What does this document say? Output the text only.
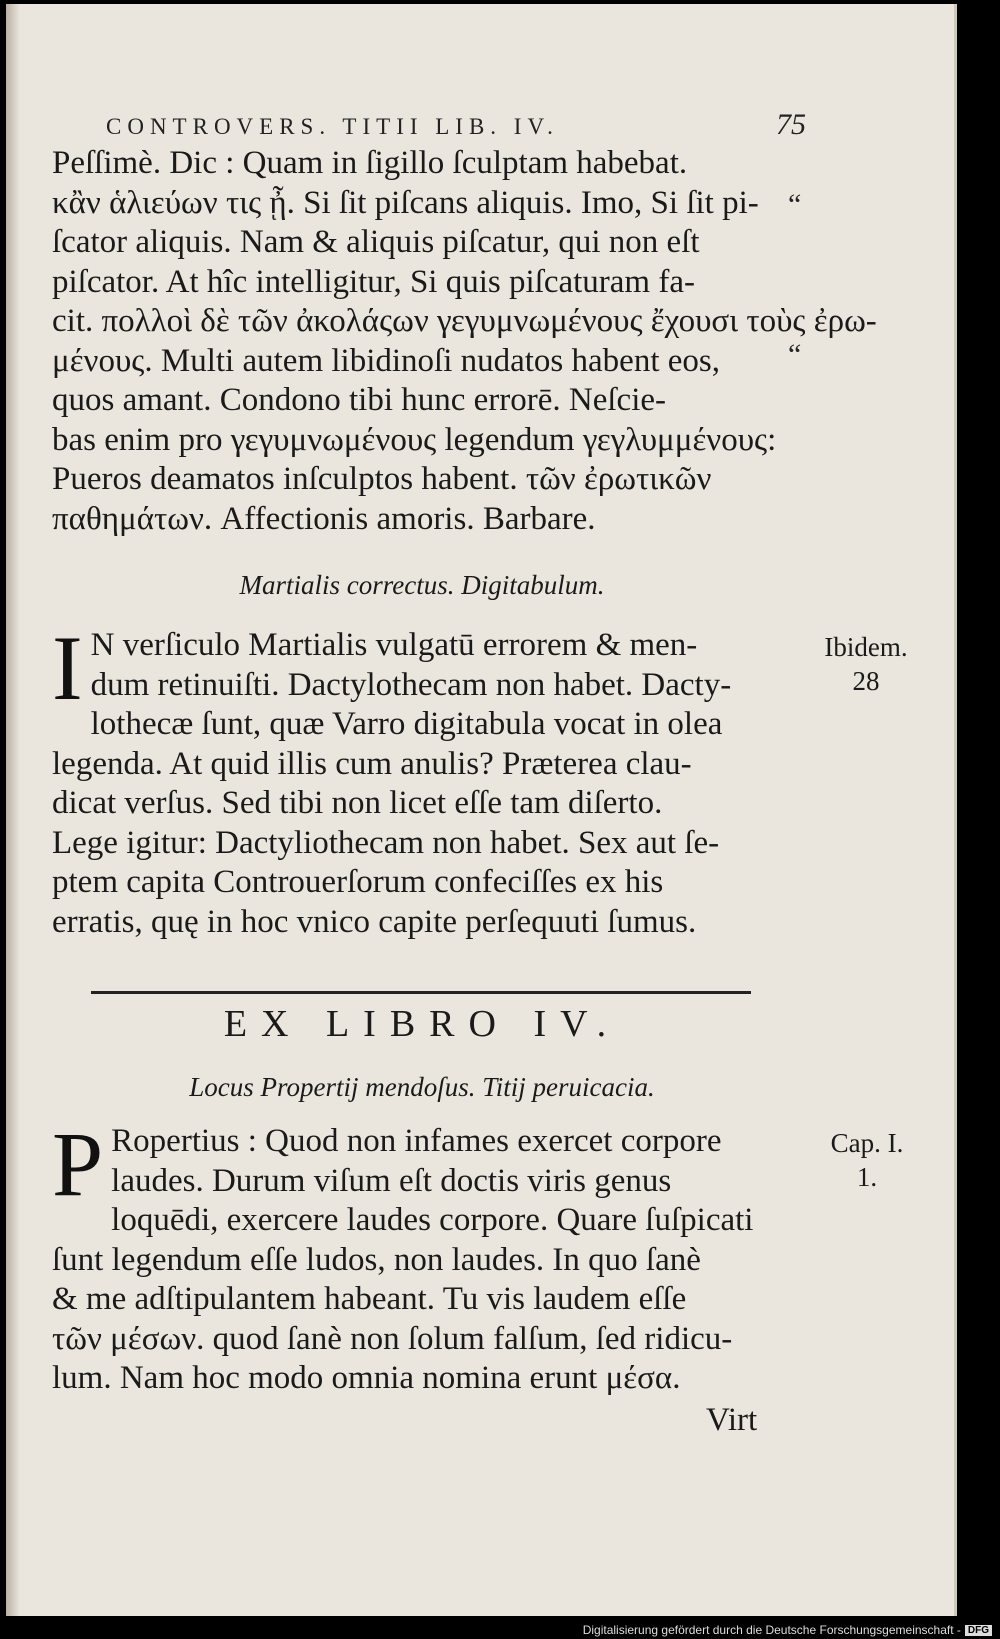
CONTROVERS. TITII LIB. IV.	75
“
“
Peſſimè. Dic : Quam in ſigillo ſculptam habebat.
κἂν ἁλιεύων τις ᾖ. Si ſit piſcans aliquis. Imo, Si ſit pi-
ſcator aliquis. Nam & aliquis piſcatur, qui non eſt
piſcator. At hîc intelligitur, Si quis piſcaturam fa-
cit. πολλοὶ δὲ τῶν ἀκολάςων γεγυμνωμένους ἔχουσι τοὺς ἐρω-
μένους. Multi autem libidinoſi nudatos habent eos,
quos amant. Condono tibi hunc errorē. Neſcie-
bas enim pro γεγυμνωμένους legendum γεγλυμμένους:
Pueros deamatos inſculptos habent. τῶν ἐρωτικῶν
παθημάτων. Affectionis amoris. Barbare.
Martialis correctus. Digitabulum.
I N verſiculo Martialis vulgatū errorem & men-
dum retinuiſti. Dactylothecam non habet. Dacty-
lothecæ ſunt, quæ Varro digitabula vocat in olea
legenda. At quid illis cum anulis? Præterea clau-
dicat verſus. Sed tibi non licet eſſe tam diſerto.
Lege igitur: Dactyliothecam non habet. Sex aut ſe-
ptem capita Controuerſorum confeciſſes ex his
erratis, quę in hoc vnico capite perſequuti ſumus.
Ibidem.
28
EX LIBRO IV.
Locus Propertij mendoſus. Titij peruicacia.
P Ropertius : Quod non infames exercet corpore
laudes. Durum viſum eſt doctis viris genus
loquēdi, exercere laudes corpore. Quare ſuſpicati
ſunt legendum eſſe ludos, non laudes. In quo ſanè
& me adſtipulantem habeant. Tu vis laudem eſſe
τῶν μέσων. quod ſanè non ſolum falſum, ſed ridicu-
lum. Nam hoc modo omnia nomina erunt μέσα.
Cap. I.
1.
Virt
Digitalisierung gefördert durch die Deutsche Forschungsgemeinschaft - DFG
